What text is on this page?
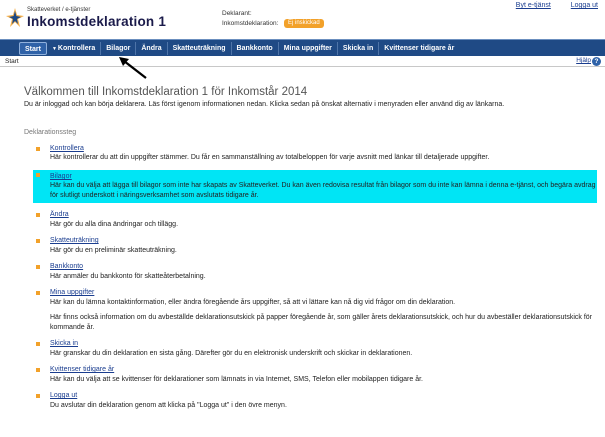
Skatteverket / e-tjänster
Inkomstdeklaration 1
Deklarant:
Inkomstdeklaration:	Ej inskickad
Byt e-tjänst	Logga ut
Start	▼Kontrollera	Bilagor	Ändra	Skatteuträkning	Bankkonto	Mina uppgifter	Skicka in	Kvittenser tidigare år
Start	Hjälp ?
Välkommen till Inkomstdeklaration 1 för Inkomstår 2014
Du är inloggad och kan börja deklarera. Läs först igenom informationen nedan. Klicka sedan på önskat alternativ i menyraden eller använd dig av länkarna.
Deklarationssteg
Kontrollera
Här kontrollerar du att din uppgifter stämmer. Du får en sammanställning av totalbeloppen för varje avsnitt med länkar till detaljerade uppgifter.
Bilagor
Här kan du välja att lägga till bilagor som inte har skapats av Skatteverket. Du kan även redovisa resultat från bilagor som du inte kan lämna i denna e-tjänst, och begära avdrag för slutligt underskott i näringsverksamhet som avslutats tidigare år.
Ändra
Här gör du alla dina ändringar och tillägg.
Skatteuträkning
Här gör du en preliminär skatteuträkning.
Bankkonto
Här anmäler du bankkonto för skatteåterbetalning.
Mina uppgifter
Här kan du lämna kontaktinformation, eller ändra föregående års uppgifter, så att vi lättare kan nå dig vid frågor om din deklaration.
Här finns också information om du avbeställde deklarationsutskick på papper föregående år, som gäller årets deklarationsutskick, och hur du avbeställer deklarationsutskick för kommande år.
Skicka in
Här granskar du din deklaration en sista gång. Därefter gör du en elektronisk underskrift och skickar in deklarationen.
Kvittenser tidigare år
Här kan du välja att se kvittenser för deklarationer som lämnats in via Internet, SMS, Telefon eller mobilappen tidigare år.
Logga ut
Du avslutar din deklaration genom att klicka på "Logga ut" i den övre menyn.
